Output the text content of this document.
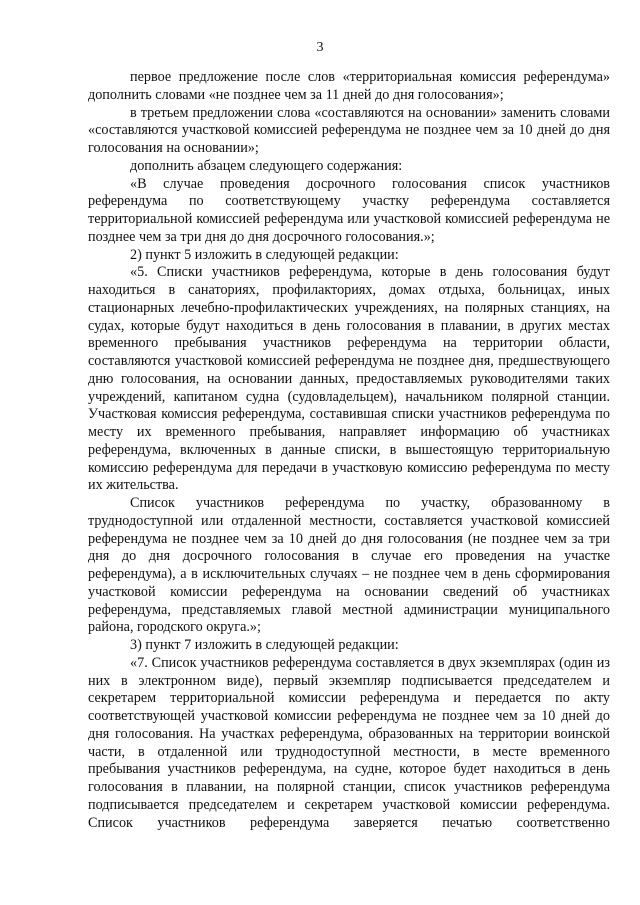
3

первое предложение после слов «территориальная комиссия референдума» дополнить словами «не позднее чем за 11 дней до дня голосования»;

в третьем предложении слова «составляются на основании» заменить словами «составляются участковой комиссией референдума не позднее чем за 10 дней до дня голосования на основании»;

дополнить абзацем следующего содержания:

«В случае проведения досрочного голосования список участников референдума по соответствующему участку референдума составляется территориальной комиссией референдума или участковой комиссией референдума не позднее чем за три дня до дня досрочного голосования.»;

2) пункт 5 изложить в следующей редакции:

«5. Списки участников референдума, которые в день голосования будут находиться в санаториях, профилакториях, домах отдыха, больницах, иных стационарных лечебно-профилактических учреждениях, на полярных станциях, на судах, которые будут находиться в день голосования в плавании, в других местах временного пребывания участников референдума на территории области, составляются участковой комиссией референдума не позднее дня, предшествующего дню голосования, на основании данных, предоставляемых руководителями таких учреждений, капитаном судна (судовладельцем), начальником полярной станции. Участковая комиссия референдума, составившая списки участников референдума по месту их временного пребывания, направляет информацию об участниках референдума, включенных в данные списки, в вышестоящую территориальную комиссию референдума для передачи в участковую комиссию референдума по месту их жительства.

Список участников референдума по участку, образованному в труднодоступной или отдаленной местности, составляется участковой комиссией референдума не позднее чем за 10 дней до дня голосования (не позднее чем за три дня до дня досрочного голосования в случае его проведения на участке референдума), а в исключительных случаях – не позднее чем в день сформирования участковой комиссии референдума на основании сведений об участниках референдума, представляемых главой местной администрации муниципального района, городского округа.»;

3) пункт 7 изложить в следующей редакции:

«7. Список участников референдума составляется в двух экземплярах (один из них в электронном виде), первый экземпляр подписывается председателем и секретарем территориальной комиссии референдума и передается по акту соответствующей участковой комиссии референдума не позднее чем за 10 дней до дня голосования. На участках референдума, образованных на территории воинской части, в отдаленной или труднодоступной местности, в месте временного пребывания участников референдума, на судне, которое будет находиться в день голосования в плавании, на полярной станции, список участников референдума подписывается председателем и секретарем участковой комиссии референдума. Список участников референдума заверяется печатью соответственно
